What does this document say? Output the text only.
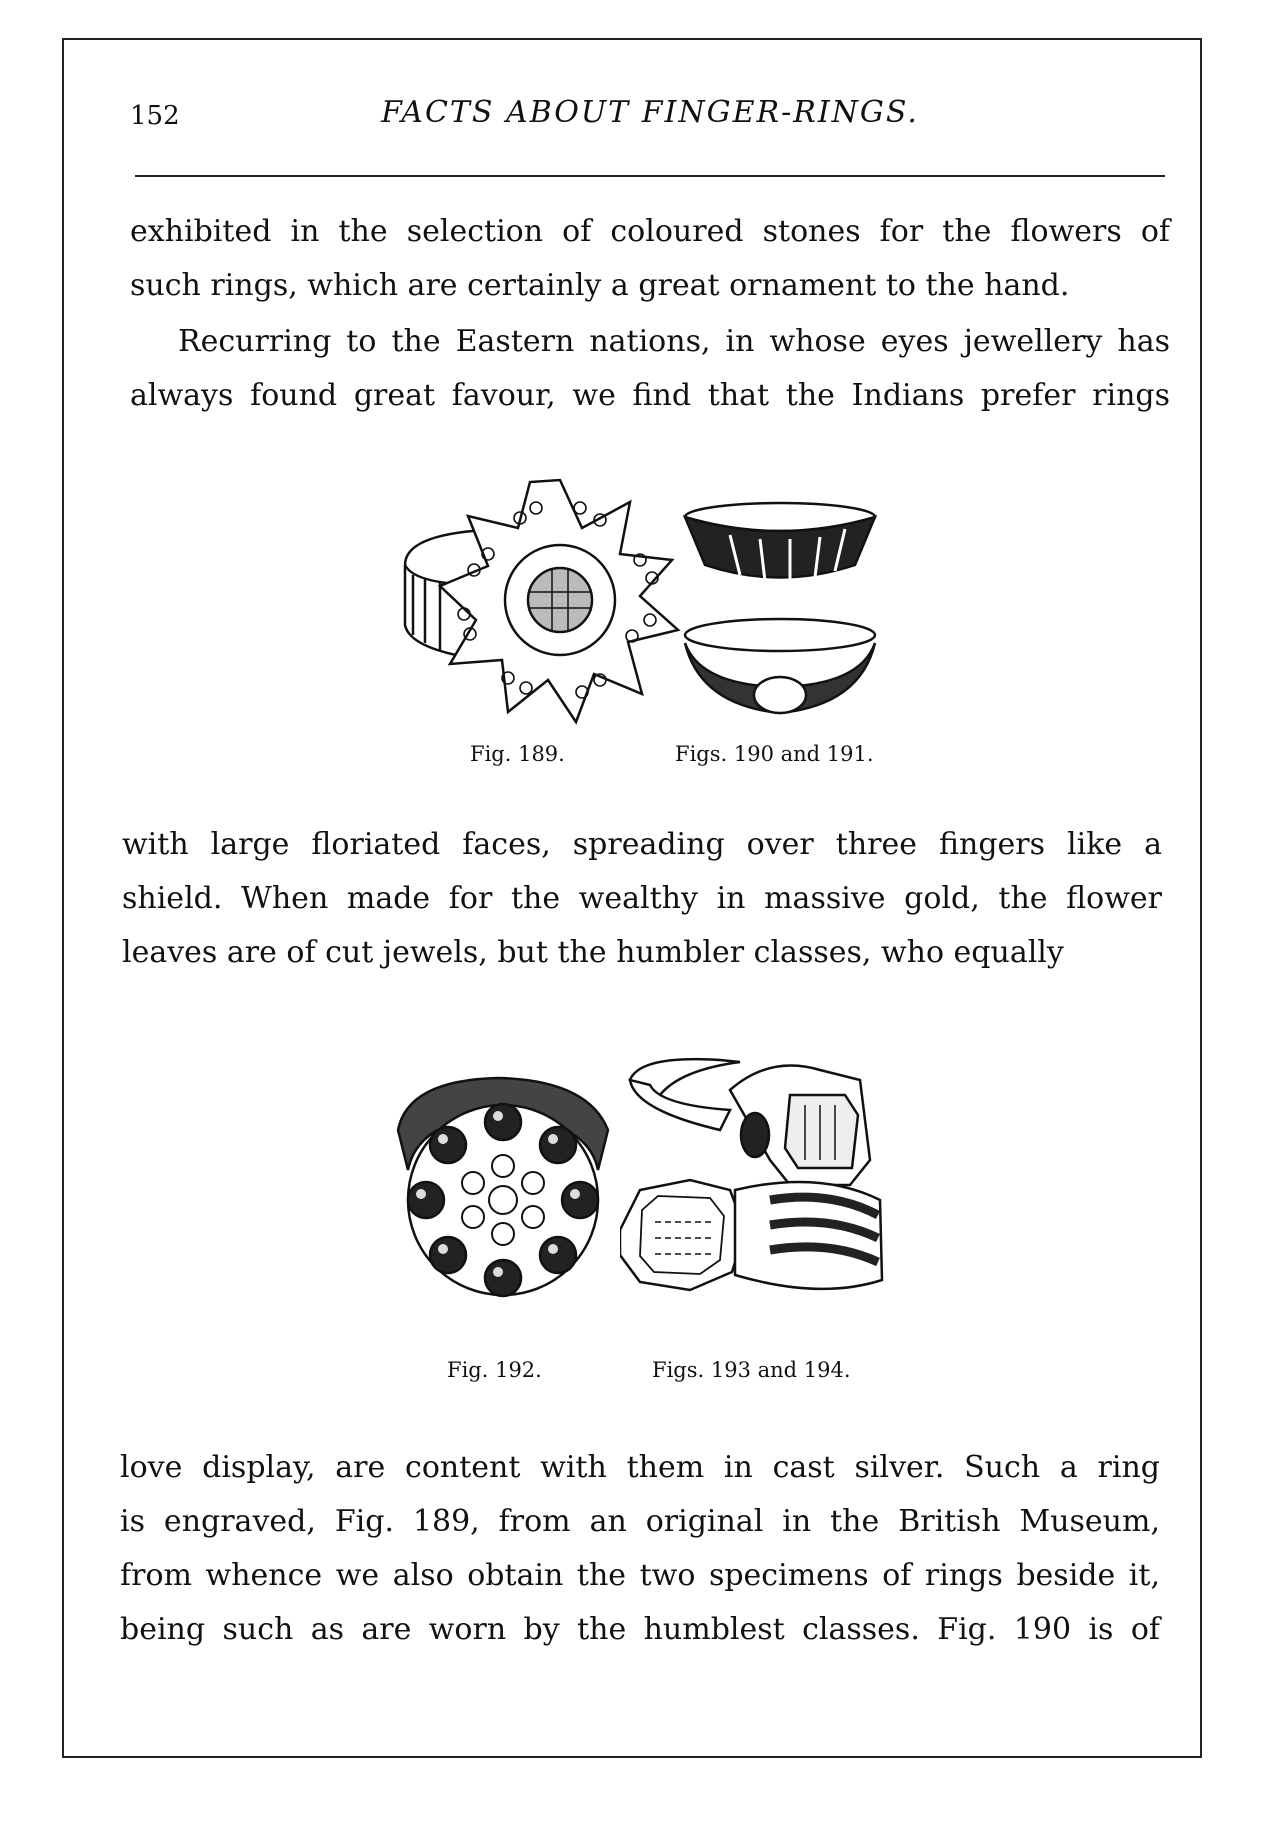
152	FACTS ABOUT FINGER-RINGS.
exhibited in the selection of coloured stones for the flowers of
such rings, which are certainly a great ornament to the hand.
Recurring to the Eastern nations, in whose eyes jewellery has
always found great favour, we find that the Indians prefer rings
Fig. 189.	Figs. 190 and 191.
with large floriated faces, spreading over three fingers like a
shield. When made for the wealthy in massive gold, the flower
leaves are of cut jewels, but the humbler classes, who equally
Fig. 192.	Figs. 193 and 194.
love display, are content with them in cast silver. Such a ring
is engraved, Fig. 189, from an original in the British Museum,
from whence we also obtain the two specimens of rings beside it,
being such as are worn by the humblest classes. Fig. 190 is of
